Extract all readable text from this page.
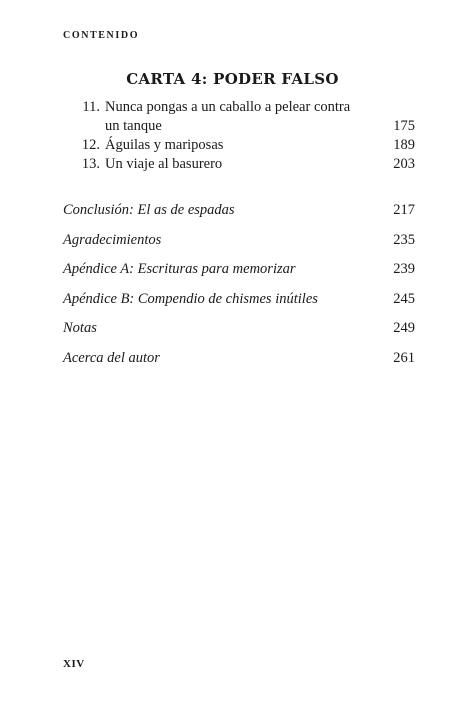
CONTENIDO
CARTA 4: PODER FALSO
11. Nunca pongas a un caballo a pelear contra
un tanque	175
12. Águilas y mariposas	189
13. Un viaje al basurero	203
Conclusión: El as de espadas	217
Agradecimientos	235
Apéndice A: Escrituras para memorizar	239
Apéndice B: Compendio de chismes inútiles	245
Notas	249
Acerca del autor	261
XIV
